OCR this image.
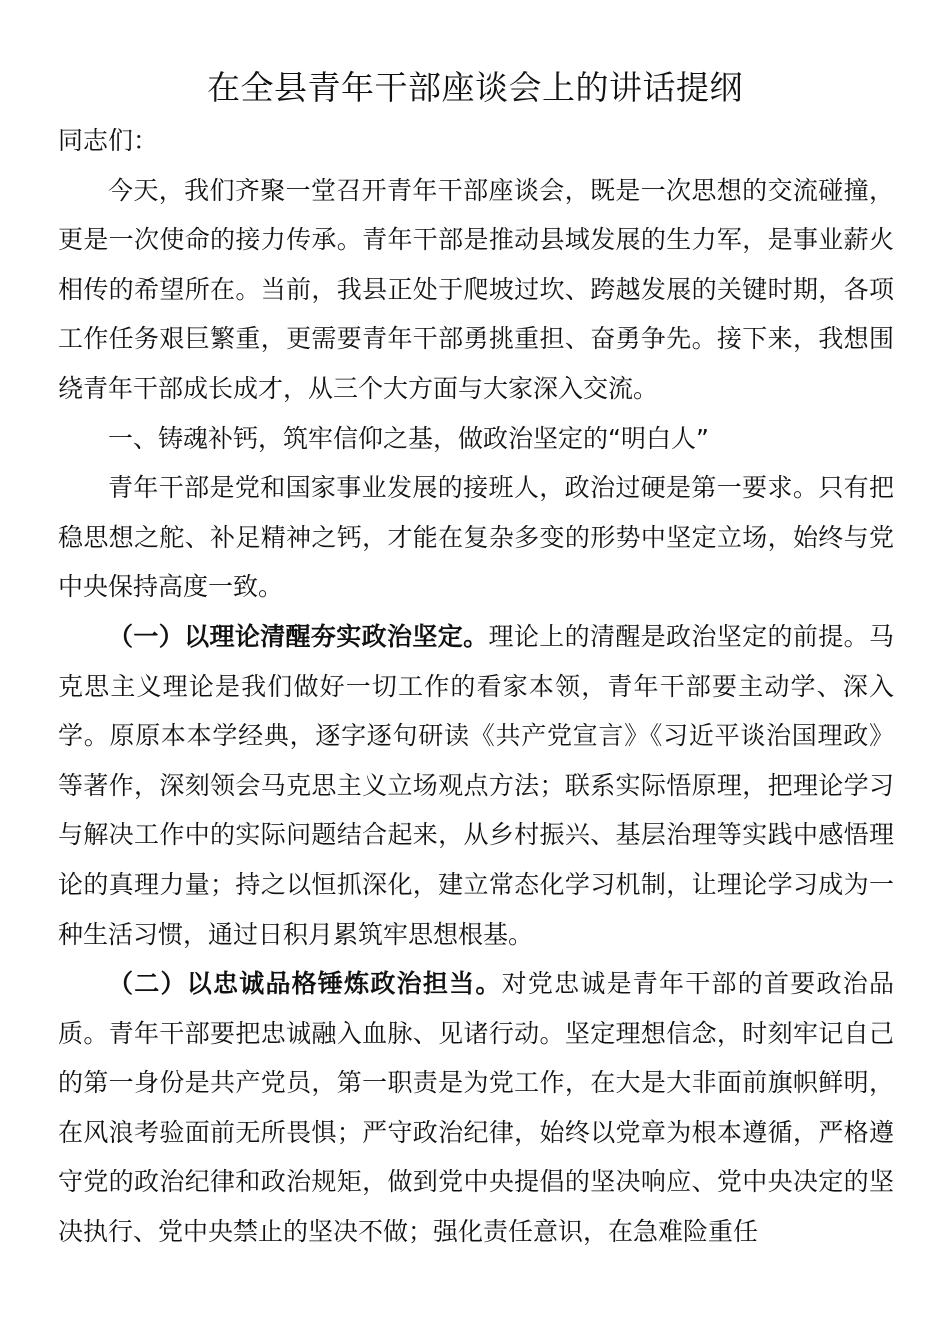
在全县青年干部座谈会上的讲话提纲

同志们：

今天，我们齐聚一堂召开青年干部座谈会，既是一次思想的交流碰撞，更是一次使命的接力传承。青年干部是推动县域发展的生力军，是事业薪火相传的希望所在。当前，我县正处于爬坡过坎、跨越发展的关键时期，各项工作任务艰巨繁重，更需要青年干部勇挑重担、奋勇争先。接下来，我想围绕青年干部成长成才，从三个大方面与大家深入交流。

一、铸魂补钙，筑牢信仰之基，做政治坚定的“明白人”

青年干部是党和国家事业发展的接班人，政治过硬是第一要求。只有把稳思想之舵、补足精神之钙，才能在复杂多变的形势中坚定立场，始终与党中央保持高度一致。

（一）以理论清醒夯实政治坚定。理论上的清醒是政治坚定的前提。马克思主义理论是我们做好一切工作的看家本领，青年干部要主动学、深入学。原原本本学经典，逐字逐句研读《共产党宣言》《习近平谈治国理政》等著作，深刻领会马克思主义立场观点方法；联系实际悟原理，把理论学习与解决工作中的实际问题结合起来，从乡村振兴、基层治理等实践中感悟理论的真理力量；持之以恒抓深化，建立常态化学习机制，让理论学习成为一种生活习惯，通过日积月累筑牢思想根基。

（二）以忠诚品格锤炼政治担当。对党忠诚是青年干部的首要政治品质。青年干部要把忠诚融入血脉、见诸行动。坚定理想信念，时刻牢记自己的第一身份是共产党员，第一职责是为党工作，在大是大非面前旗帜鲜明，在风浪考验面前无所畏惧；严守政治纪律，始终以党章为根本遵循，严格遵守党的政治纪律和政治规矩，做到党中央提倡的坚决响应、党中央决定的坚决执行、党中央禁止的坚决不做；强化责任意识，在急难险重任
